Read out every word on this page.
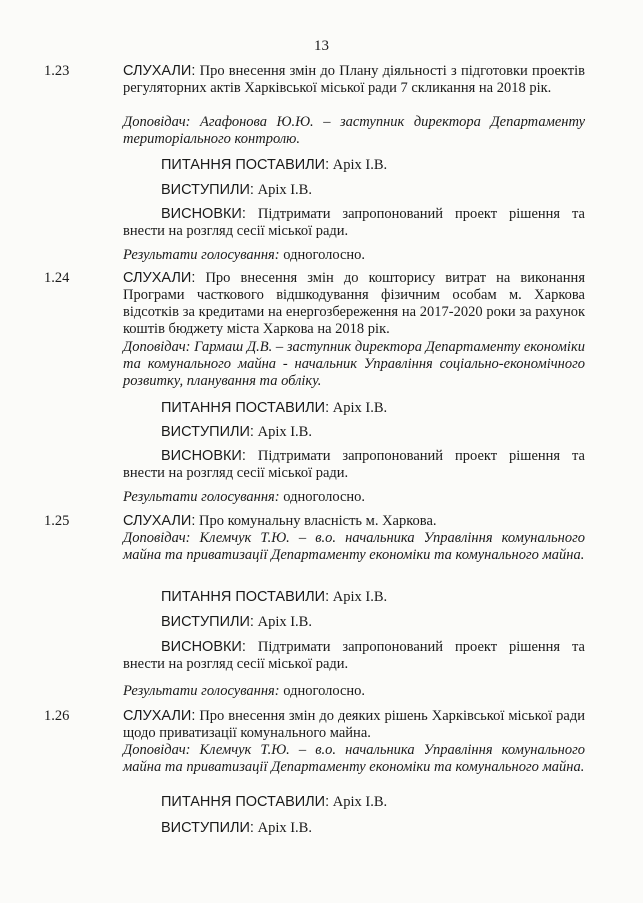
13
1.23	СЛУХАЛИ: Про внесення змін до Плану діяльності з підготовки проектів регуляторних актів Харківської міської ради 7 скликання на 2018 рік.
Доповідач: Агафонова Ю.Ю. – заступник директора Департаменту територіального контролю.
ПИТАННЯ ПОСТАВИЛИ: Аріх І.В.
ВИСТУПИЛИ: Аріх І.В.
ВИСНОВКИ: Підтримати запропонований проект рішення та внести на розгляд сесії міської ради.
Результати голосування: одноголосно.
1.24	СЛУХАЛИ: Про внесення змін до кошторису витрат на виконання Програми часткового відшкодування фізичним особам м. Харкова відсотків за кредитами на енергозбереження на 2017-2020 роки за рахунок коштів бюджету міста Харкова на 2018 рік.
Доповідач: Гармаш Д.В. – заступник директора Департаменту економіки та комунального майна - начальник Управління соціально-економічного розвитку, планування та обліку.
ПИТАННЯ ПОСТАВИЛИ: Аріх І.В.
ВИСТУПИЛИ: Аріх І.В.
ВИСНОВКИ: Підтримати запропонований проект рішення та внести на розгляд сесії міської ради.
Результати голосування: одноголосно.
1.25	СЛУХАЛИ: Про комунальну власність м. Харкова.
Доповідач: Клемчук Т.Ю. – в.о. начальника Управління комунального майна та приватизації Департаменту економіки та комунального майна.
ПИТАННЯ ПОСТАВИЛИ: Аріх І.В.
ВИСТУПИЛИ: Аріх І.В.
ВИСНОВКИ: Підтримати запропонований проект рішення та внести на розгляд сесії міської ради.
Результати голосування: одноголосно.
1.26	СЛУХАЛИ: Про внесення змін до деяких рішень Харківської міської ради щодо приватизації комунального майна.
Доповідач: Клемчук Т.Ю. – в.о. начальника Управління комунального майна та приватизації Департаменту економіки та комунального майна.
ПИТАННЯ ПОСТАВИЛИ: Аріх І.В.
ВИСТУПИЛИ: Аріх І.В.
